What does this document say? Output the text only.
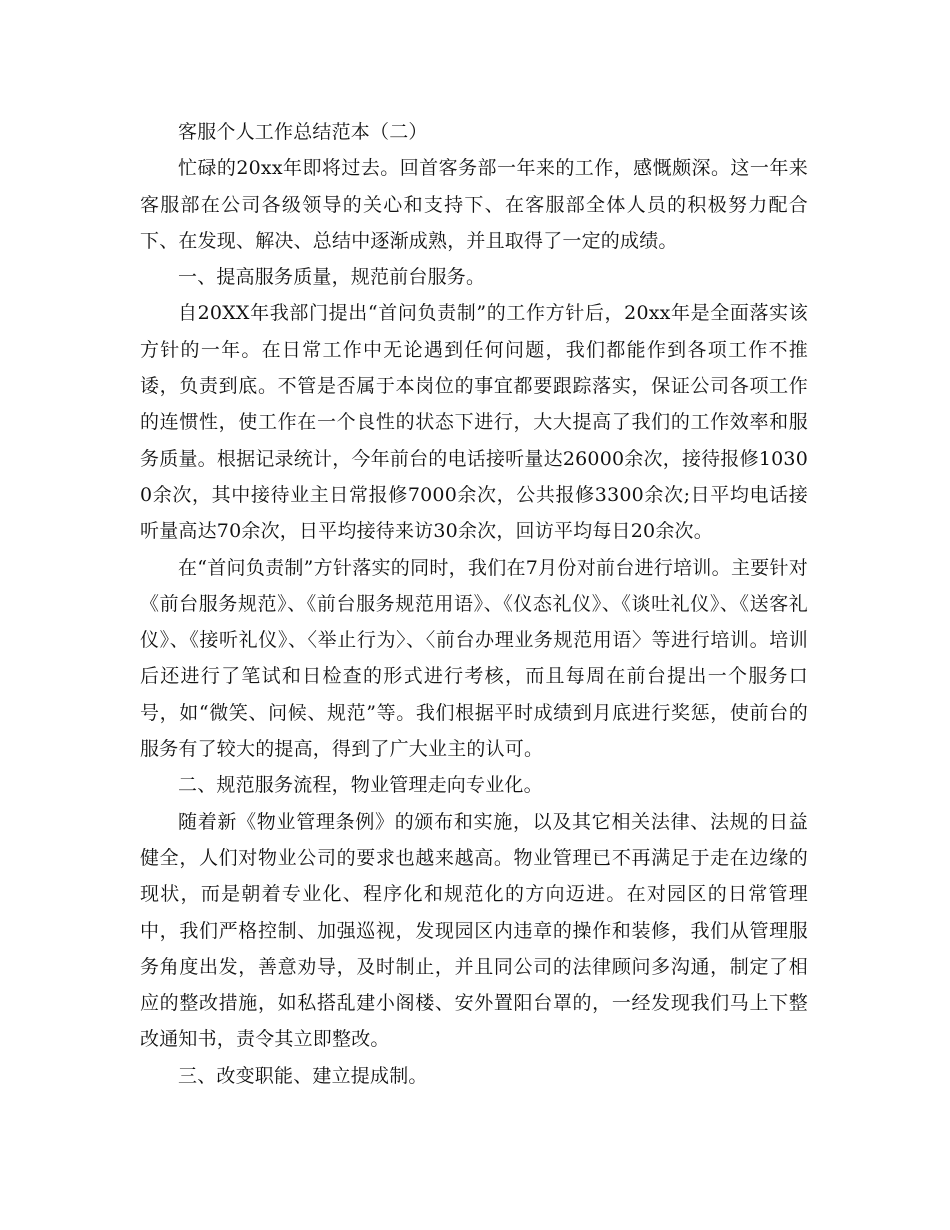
客服个人工作总结范本（二）

忙碌的20xx年即将过去。回首客务部一年来的工作，感慨颇深。这一年来客服部在公司各级领导的关心和支持下、在客服部全体人员的积极努力配合下、在发现、解决、总结中逐渐成熟，并且取得了一定的成绩。

一、提高服务质量，规范前台服务。

自20XX年我部门提出“首问负责制”的工作方针后，20xx年是全面落实该方针的一年。在日常工作中无论遇到任何问题，我们都能作到各项工作不推诿，负责到底。不管是否属于本岗位的事宜都要跟踪落实，保证公司各项工作的连惯性，使工作在一个良性的状态下进行，大大提高了我们的工作效率和服务质量。根据记录统计，今年前台的电话接听量达26000余次，接待报修10300余次，其中接待业主日常报修7000余次，公共报修3300余次;日平均电话接听量高达70余次，日平均接待来访30余次，回访平均每日20余次。

在“首问负责制”方针落实的同时，我们在7月份对前台进行培训。主要针对《前台服务规范》、《前台服务规范用语》、《仪态礼仪》、《谈吐礼仪》、《送客礼仪》、《接听礼仪》、〈举止行为〉、〈前台办理业务规范用语〉等进行培训。培训后还进行了笔试和日检查的形式进行考核，而且每周在前台提出一个服务口号，如“微笑、问候、规范”等。我们根据平时成绩到月底进行奖惩，使前台的服务有了较大的提高，得到了广大业主的认可。

二、规范服务流程，物业管理走向专业化。

随着新《物业管理条例》的颁布和实施，以及其它相关法律、法规的日益健全，人们对物业公司的要求也越来越高。物业管理已不再满足于走在边缘的现状，而是朝着专业化、程序化和规范化的方向迈进。在对园区的日常管理中，我们严格控制、加强巡视，发现园区内违章的操作和装修，我们从管理服务角度出发，善意劝导，及时制止，并且同公司的法律顾问多沟通，制定了相应的整改措施，如私搭乱建小阁楼、安外置阳台罩的，一经发现我们马上下整改通知书，责令其立即整改。

三、改变职能、建立提成制。
